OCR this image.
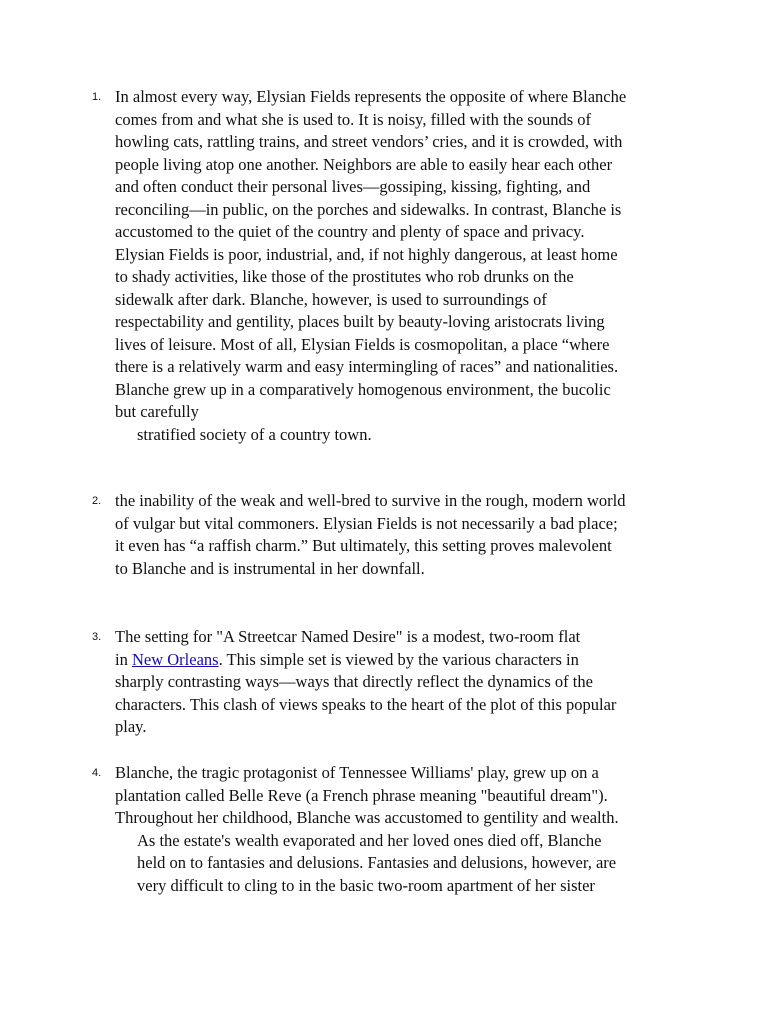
1. In almost every way, Elysian Fields represents the opposite of where Blanche
comes from and what she is used to. It is noisy, filled with the sounds of
howling cats, rattling trains, and street vendors’ cries, and it is crowded, with
people living atop one another. Neighbors are able to easily hear each other
and often conduct their personal lives—gossiping, kissing, fighting, and
reconciling—in public, on the porches and sidewalks. In contrast, Blanche is
accustomed to the quiet of the country and plenty of space and privacy.
Elysian Fields is poor, industrial, and, if not highly dangerous, at least home
to shady activities, like those of the prostitutes who rob drunks on the
sidewalk after dark. Blanche, however, is used to surroundings of
respectability and gentility, places built by beauty-loving aristocrats living
lives of leisure. Most of all, Elysian Fields is cosmopolitan, a place “where
there is a relatively warm and easy intermingling of races” and nationalities.
Blanche grew up in a comparatively homogenous environment, the bucolic
but carefully
stratified society of a country town.
2. the inability of the weak and well-bred to survive in the rough, modern world
of vulgar but vital commoners. Elysian Fields is not necessarily a bad place;
it even has “a raffish charm.” But ultimately, this setting proves malevolent
to Blanche and is instrumental in her downfall.
3. The setting for "A Streetcar Named Desire" is a modest, two-room flat
in New Orleans. This simple set is viewed by the various characters in
sharply contrasting ways—ways that directly reflect the dynamics of the
characters. This clash of views speaks to the heart of the plot of this popular
play.
4. Blanche, the tragic protagonist of Tennessee Williams' play, grew up on a
plantation called Belle Reve (a French phrase meaning "beautiful dream").
Throughout her childhood, Blanche was accustomed to gentility and wealth.
As the estate's wealth evaporated and her loved ones died off, Blanche
held on to fantasies and delusions. Fantasies and delusions, however, are
very difficult to cling to in the basic two-room apartment of her sister
